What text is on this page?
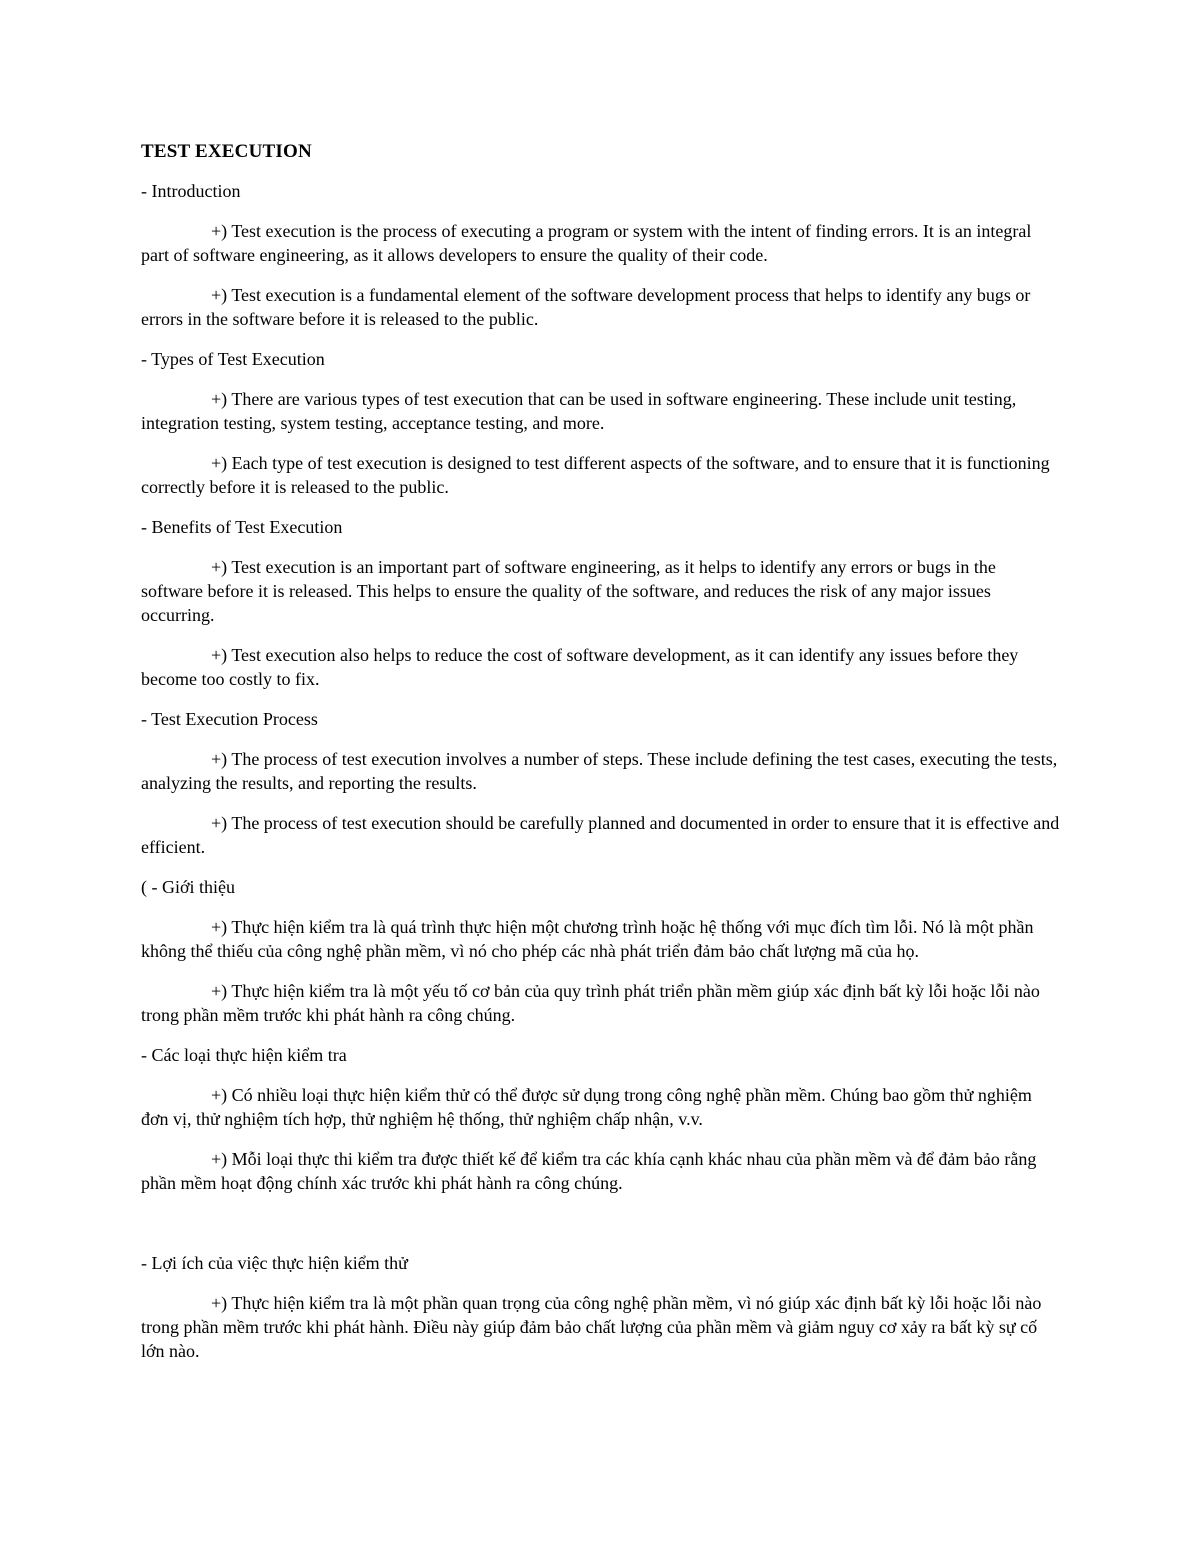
TEST EXECUTION
- Introduction
+) Test execution is the process of executing a program or system with the intent of finding errors. It is an integral part of software engineering, as it allows developers to ensure the quality of their code.
+) Test execution is a fundamental element of the software development process that helps to identify any bugs or errors in the software before it is released to the public.
- Types of Test Execution
+) There are various types of test execution that can be used in software engineering. These include unit testing, integration testing, system testing, acceptance testing, and more.
+) Each type of test execution is designed to test different aspects of the software, and to ensure that it is functioning correctly before it is released to the public.
- Benefits of Test Execution
+) Test execution is an important part of software engineering, as it helps to identify any errors or bugs in the software before it is released. This helps to ensure the quality of the software, and reduces the risk of any major issues occurring.
+) Test execution also helps to reduce the cost of software development, as it can identify any issues before they become too costly to fix.
- Test Execution Process
+) The process of test execution involves a number of steps. These include defining the test cases, executing the tests, analyzing the results, and reporting the results.
+) The process of test execution should be carefully planned and documented in order to ensure that it is effective and efficient.
( - Giới thiệu
+) Thực hiện kiểm tra là quá trình thực hiện một chương trình hoặc hệ thống với mục đích tìm lỗi. Nó là một phần không thể thiếu của công nghệ phần mềm, vì nó cho phép các nhà phát triển đảm bảo chất lượng mã của họ.
+) Thực hiện kiểm tra là một yếu tố cơ bản của quy trình phát triển phần mềm giúp xác định bất kỳ lỗi hoặc lỗi nào trong phần mềm trước khi phát hành ra công chúng.
- Các loại thực hiện kiểm tra
+) Có nhiều loại thực hiện kiểm thử có thể được sử dụng trong công nghệ phần mềm. Chúng bao gồm thử nghiệm đơn vị, thử nghiệm tích hợp, thử nghiệm hệ thống, thử nghiệm chấp nhận, v.v.
+) Mỗi loại thực thi kiểm tra được thiết kế để kiểm tra các khía cạnh khác nhau của phần mềm và để đảm bảo rằng phần mềm hoạt động chính xác trước khi phát hành ra công chúng.
- Lợi ích của việc thực hiện kiểm thử
+) Thực hiện kiểm tra là một phần quan trọng của công nghệ phần mềm, vì nó giúp xác định bất kỳ lỗi hoặc lỗi nào trong phần mềm trước khi phát hành. Điều này giúp đảm bảo chất lượng của phần mềm và giảm nguy cơ xảy ra bất kỳ sự cố lớn nào.
